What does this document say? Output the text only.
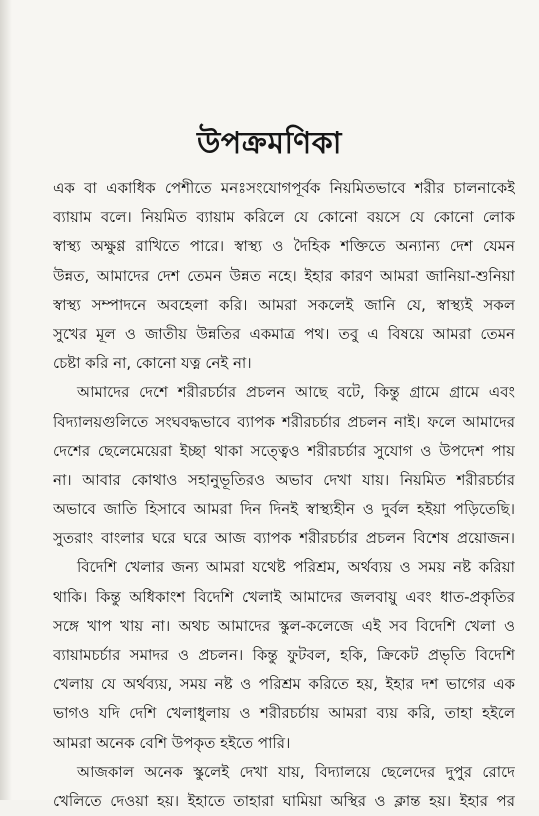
উপক্রমণিকা
এক বা একাধিক পেশীতে মনঃসংযোগপূর্বক নিয়মিতভাবে শরীর চালনাকেই
ব্যায়াম বলে। নিয়মিত ব্যায়াম করিলে যে কোনো বয়সে যে কোনো লোক
স্বাস্থ্য অক্ষুণ্ণ রাখিতে পারে। স্বাস্থ্য ও দৈহিক শক্তিতে অন্যান্য দেশ যেমন
উন্নত, আমাদের দেশ তেমন উন্নত নহে। ইহার কারণ আমরা জানিয়া-শুনিয়া
স্বাস্থ্য সম্পাদনে অবহেলা করি। আমরা সকলেই জানি যে, স্বাস্থ্যই সকল
সুখের মূল ও জাতীয় উন্নতির একমাত্র পথ। তবু এ বিষয়ে আমরা তেমন
চেষ্টা করি না, কোনো যত্ন নেই না।
আমাদের দেশে শরীরচর্চার প্রচলন আছে বটে, কিন্তু গ্রামে গ্রামে এবং
বিদ্যালয়গুলিতে সংঘবদ্ধভাবে ব্যাপক শরীরচর্চার প্রচলন নাই। ফলে আমাদের
দেশের ছেলেমেয়েরা ইচ্ছা থাকা সত্ত্বেও শরীরচর্চার সুযোগ ও উপদেশ পায়
না। আবার কোথাও সহানুভূতিরও অভাব দেখা যায়। নিয়মিত শরীরচর্চার
অভাবে জাতি হিসাবে আমরা দিন দিনই স্বাস্থ্যহীন ও দুর্বল হইয়া পড়িতেছি।
সুতরাং বাংলার ঘরে ঘরে আজ ব্যাপক শরীরচর্চার প্রচলন বিশেষ প্রয়োজন।
বিদেশি খেলার জন্য আমরা যথেষ্ট পরিশ্রম, অর্থব্যয় ও সময় নষ্ট করিয়া
থাকি। কিন্তু অধিকাংশ বিদেশি খেলাই আমাদের জলবায়ু এবং ধাত-প্রকৃতির
সঙ্গে খাপ খায় না। অথচ আমাদের স্কুল-কলেজে এই সব বিদেশি খেলা ও
ব্যায়ামচর্চার সমাদর ও প্রচলন। কিন্তু ফুটবল, হকি, ক্রিকেট প্রভৃতি বিদেশি
খেলায় যে অর্থব্যয়, সময় নষ্ট ও পরিশ্রম করিতে হয়, ইহার দশ ভাগের এক
ভাগও যদি দেশি খেলাধুলায় ও শরীরচর্চায় আমরা ব্যয় করি, তাহা হইলে
আমরা অনেক বেশি উপকৃত হইতে পারি।
আজকাল অনেক স্কুলেই দেখা যায়, বিদ্যালয়ে ছেলেদের দুপুর রোদে
খেলিতে দেওয়া হয়। ইহাতে তাহারা ঘামিয়া অস্থির ও ক্লান্ত হয়। ইহার পর
